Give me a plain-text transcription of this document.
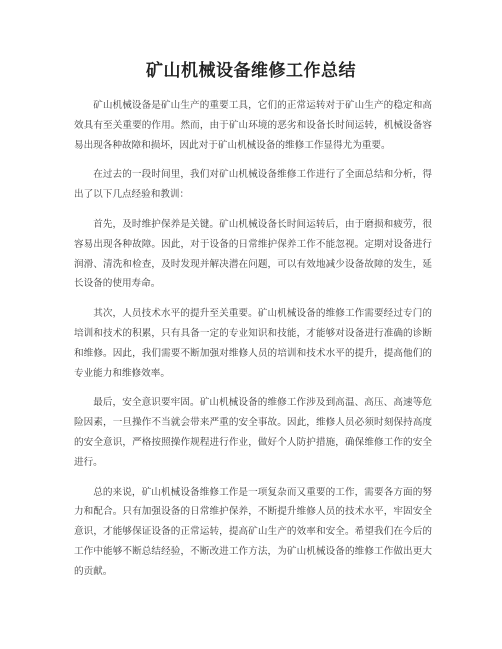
矿山机械设备维修工作总结

矿山机械设备是矿山生产的重要工具，它们的正常运转对于矿山生产的稳定和高效具有至关重要的作用。然而，由于矿山环境的恶劣和设备长时间运转，机械设备容易出现各种故障和损坏，因此对于矿山机械设备的维修工作显得尤为重要。

在过去的一段时间里，我们对矿山机械设备维修工作进行了全面总结和分析，得出了以下几点经验和教训：

首先，及时维护保养是关键。矿山机械设备长时间运转后，由于磨损和疲劳，很容易出现各种故障。因此，对于设备的日常维护保养工作不能忽视。定期对设备进行润滑、清洗和检查，及时发现并解决潜在问题，可以有效地减少设备故障的发生，延长设备的使用寿命。

其次，人员技术水平的提升至关重要。矿山机械设备的维修工作需要经过专门的培训和技术的积累，只有具备一定的专业知识和技能，才能够对设备进行准确的诊断和维修。因此，我们需要不断加强对维修人员的培训和技术水平的提升，提高他们的专业能力和维修效率。

最后，安全意识要牢固。矿山机械设备的维修工作涉及到高温、高压、高速等危险因素，一旦操作不当就会带来严重的安全事故。因此，维修人员必须时刻保持高度的安全意识，严格按照操作规程进行作业，做好个人防护措施，确保维修工作的安全进行。

总的来说，矿山机械设备维修工作是一项复杂而又重要的工作，需要各方面的努力和配合。只有加强设备的日常维护保养，不断提升维修人员的技术水平，牢固安全意识，才能够保证设备的正常运转，提高矿山生产的效率和安全。希望我们在今后的工作中能够不断总结经验，不断改进工作方法，为矿山机械设备的维修工作做出更大的贡献。
